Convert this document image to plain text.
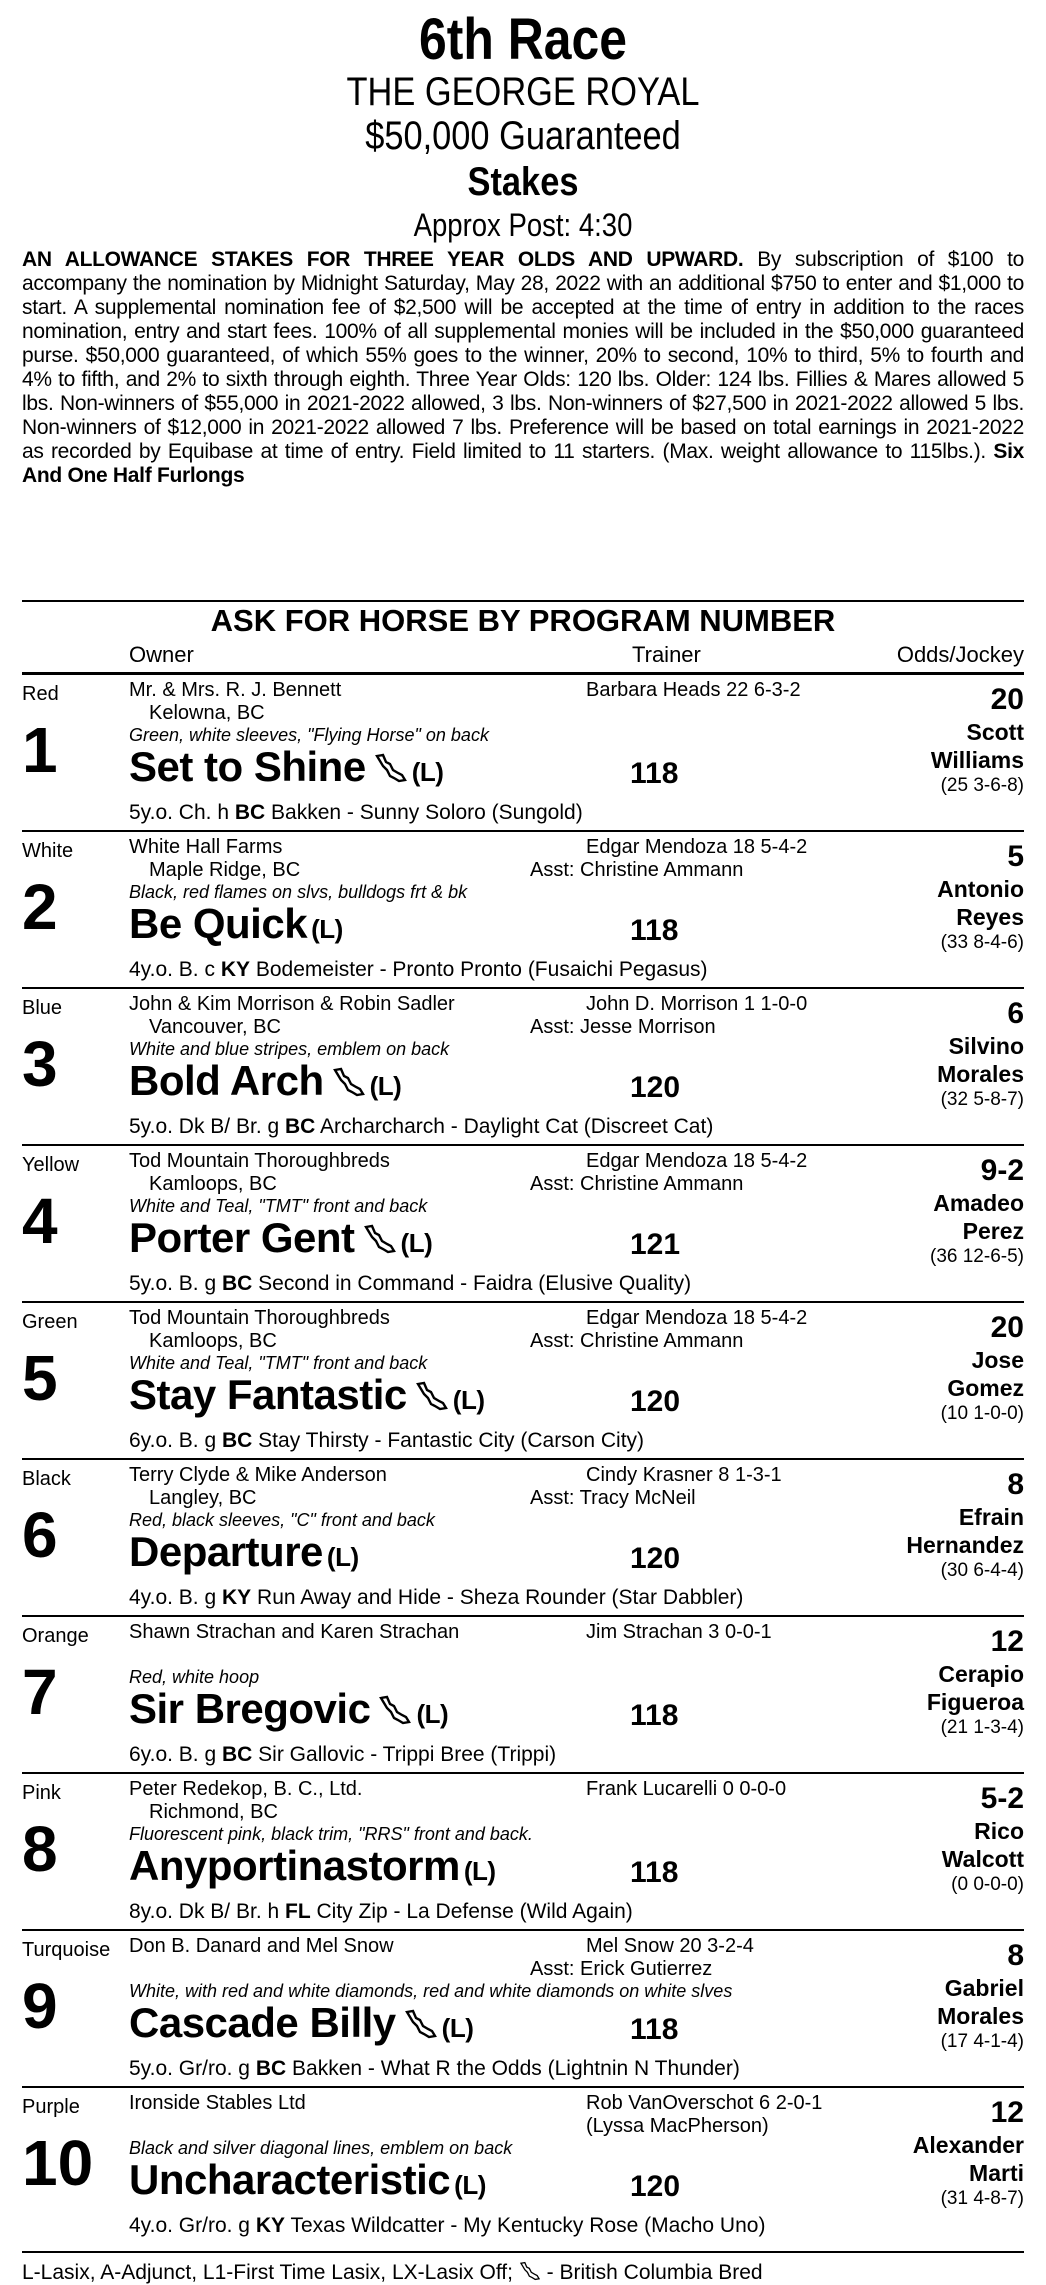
6th Race
THE GEORGE ROYAL
$50,000 Guaranteed
Stakes
Approx Post: 4:30
AN ALLOWANCE STAKES FOR THREE YEAR OLDS AND UPWARD. By subscription of $100 to accompany the nomination by Midnight Saturday, May 28, 2022 with an additional $750 to enter and $1,000 to start. A supplemental nomination fee of $2,500 will be accepted at the time of entry in addition to the races nomination, entry and start fees. 100% of all supplemental monies will be included in the $50,000 guaranteed purse. $50,000 guaranteed, of which 55% goes to the winner, 20% to second, 10% to third, 5% to fourth and 4% to fifth, and 2% to sixth through eighth. Three Year Olds: 120 lbs. Older: 124 lbs. Fillies & Mares allowed 5 lbs. Non-winners of $55,000 in 2021-2022 allowed, 3 lbs. Non-winners of $27,500 in 2021-2022 allowed 5 lbs. Non-winners of $12,000 in 2021-2022 allowed 7 lbs. Preference will be based on total earnings in 2021-2022 as recorded by Equibase at time of entry. Field limited to 11 starters. (Max. weight allowance to 115lbs.). Six And One Half Furlongs
ASK FOR HORSE BY PROGRAM NUMBER
Owner	Trainer	Odds/Jockey
Red
1
Mr. & Mrs. R. J. Bennett
Kelowna, BC
Green, white sleeves, "Flying Horse" on back
Set to Shine (L)	118
Barbara Heads 22 6-3-2	20
Scott
Williams
(25 3-6-8)
5y.o. Ch. h BC Bakken - Sunny Soloro (Sungold)
White
2
White Hall Farms
Maple Ridge, BC
Black, red flames on slvs, bulldogs frt & bk
Be Quick (L)	118
Edgar Mendoza 18 5-4-2
Asst: Christine Ammann	5
Antonio
Reyes
(33 8-4-6)
4y.o. B. c KY Bodemeister - Pronto Pronto (Fusaichi Pegasus)
Blue
3
John & Kim Morrison & Robin Sadler
Vancouver, BC
White and blue stripes, emblem on back
Bold Arch (L)	120
John D. Morrison 1 1-0-0
Asst: Jesse Morrison	6
Silvino
Morales
(32 5-8-7)
5y.o. Dk B/ Br. g BC Archarcharch - Daylight Cat (Discreet Cat)
Yellow
4
Tod Mountain Thoroughbreds
Kamloops, BC
White and Teal, "TMT" front and back
Porter Gent (L)	121
Edgar Mendoza 18 5-4-2
Asst: Christine Ammann	9-2
Amadeo
Perez
(36 12-6-5)
5y.o. B. g BC Second in Command - Faidra (Elusive Quality)
Green
5
Tod Mountain Thoroughbreds
Kamloops, BC
White and Teal, "TMT" front and back
Stay Fantastic (L)	120
Edgar Mendoza 18 5-4-2
Asst: Christine Ammann	20
Jose
Gomez
(10 1-0-0)
6y.o. B. g BC Stay Thirsty - Fantastic City (Carson City)
Black
6
Terry Clyde & Mike Anderson
Langley, BC
Red, black sleeves, "C" front and back
Departure (L)	120
Cindy Krasner 8 1-3-1
Asst: Tracy McNeil	8
Efrain
Hernandez
(30 6-4-4)
4y.o. B. g KY Run Away and Hide - Sheza Rounder (Star Dabbler)
Orange
7
Shawn Strachan and Karen Strachan
Red, white hoop
Sir Bregovic (L)	118
Jim Strachan 3 0-0-1	12
Cerapio
Figueroa
(21 1-3-4)
6y.o. B. g BC Sir Gallovic - Trippi Bree (Trippi)
Pink
8
Peter Redekop, B. C., Ltd.
Richmond, BC
Fluorescent pink, black trim, "RRS" front and back.
Anyportinastorm (L)	118
Frank Lucarelli 0 0-0-0	5-2
Rico
Walcott
(0 0-0-0)
8y.o. Dk B/ Br. h FL City Zip - La Defense (Wild Again)
Turquoise
9
Don B. Danard and Mel Snow
White, with red and white diamonds, red and white diamonds on white slves
Cascade Billy (L)	118
Mel Snow 20 3-2-4
Asst: Erick Gutierrez	8
Gabriel
Morales
(17 4-1-4)
5y.o. Gr/ro. g BC Bakken - What R the Odds (Lightnin N Thunder)
Purple
10
Ironside Stables Ltd
Black and silver diagonal lines, emblem on back
Uncharacteristic (L)	120
Rob VanOverschot 6 2-0-1
(Lyssa MacPherson)	12
Alexander
Marti
(31 4-8-7)
4y.o. Gr/ro. g KY Texas Wildcatter - My Kentucky Rose (Macho Uno)
L-Lasix, A-Adjunct, L1-First Time Lasix, LX-Lasix Off; - British Columbia Bred
